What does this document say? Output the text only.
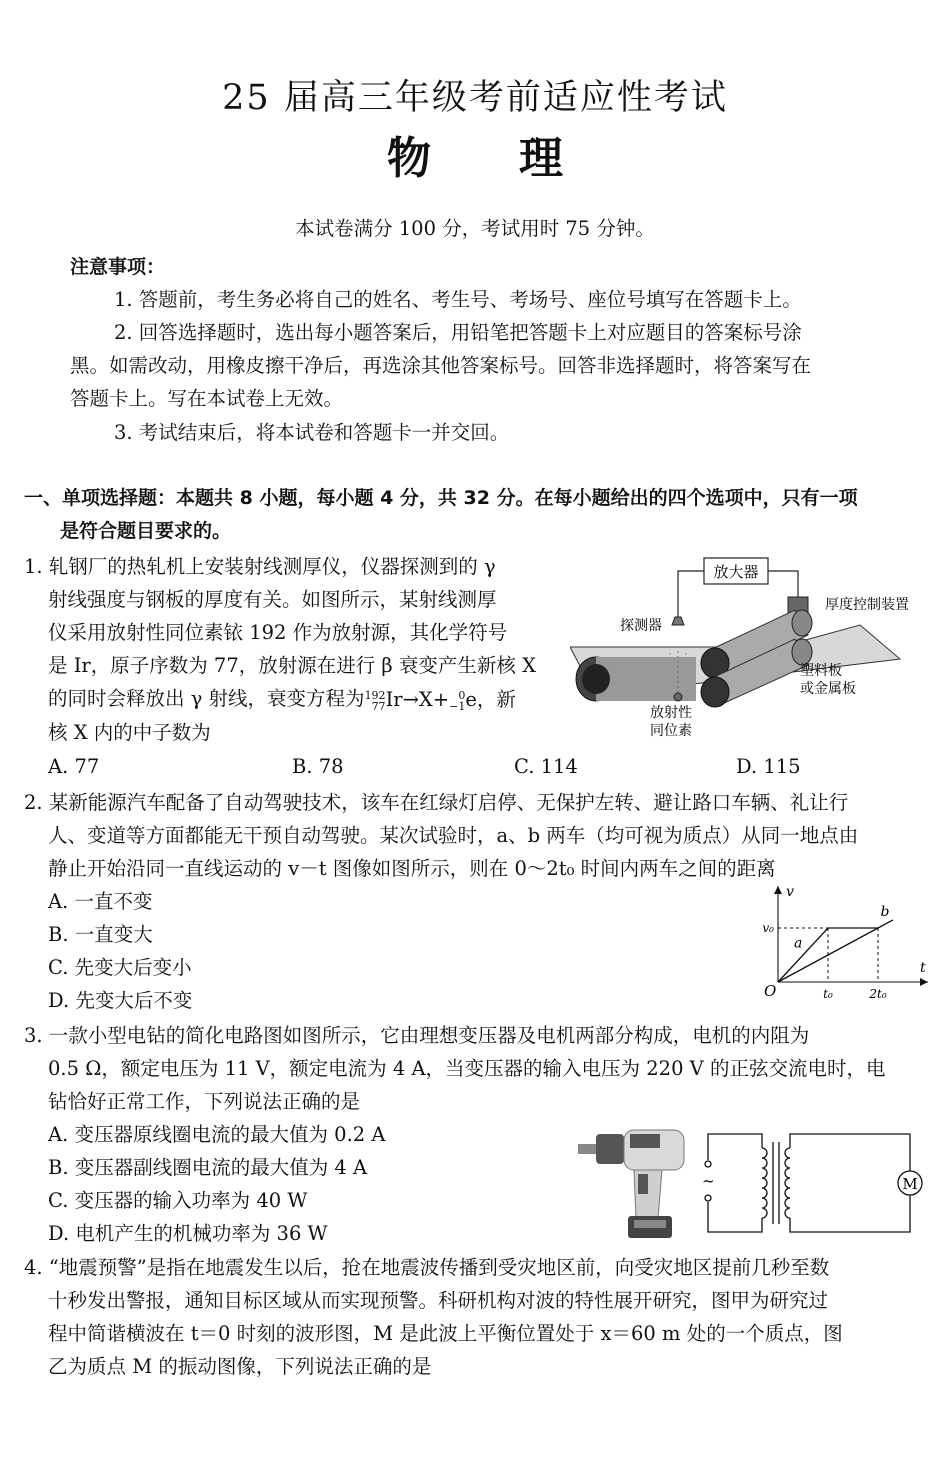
25 届高三年级考前适应性考试
物理
本试卷满分 100 分，考试用时 75 分钟。
注意事项：
1. 答题前，考生务必将自己的姓名、考生号、考场号、座位号填写在答题卡上。
2. 回答选择题时，选出每小题答案后，用铅笔把答题卡上对应题目的答案标号涂
黑。如需改动，用橡皮擦干净后，再选涂其他答案标号。回答非选择题时，将答案写在
答题卡上。写在本试卷上无效。
3. 考试结束后，将本试卷和答题卡一并交回。
一、单项选择题：本题共 8 小题，每小题 4 分，共 32 分。在每小题给出的四个选项中，只有一项
是符合题目要求的。
1. 轧钢厂的热轧机上安装射线测厚仪，仪器探测到的 γ
射线强度与钢板的厚度有关。如图所示，某射线测厚
仪采用放射性同位素铱 192 作为放射源，其化学符号
是 Ir，原子序数为 77，放射源在进行 β 衰变产生新核 X
的同时会释放出 γ 射线，衰变方程为 192
77 Ir→X+ 0
−1 e，新
核 X 内的中子数为
A. 77	B. 78	C. 114	D. 115
放大器
厚度控制装置
探测器
放射性
同位素
塑料板
或金属板
2. 某新能源汽车配备了自动驾驶技术，该车在红绿灯启停、无保护左转、避让路口车辆、礼让行
人、变道等方面都能无干预自动驾驶。某次试验时，a、b 两车（均可视为质点）从同一地点由
静止开始沿同一直线运动的 v－t 图像如图所示，则在 0～2t₀ 时间内两车之间的距离
A. 一直不变
B. 一直变大
C. 先变大后变小
D. 先变大后不变
t
v
O
a
b
t₀	2t₀
v₀
3. 一款小型电钻的简化电路图如图所示，它由理想变压器及电机两部分构成，电机的内阻为
0.5 Ω，额定电压为 11 V，额定电流为 4 A，当变压器的输入电压为 220 V 的正弦交流电时，电
钻恰好正常工作，下列说法正确的是
A. 变压器原线圈电流的最大值为 0.2 A
B. 变压器副线圈电流的最大值为 4 A
C. 变压器的输入功率为 40 W
D. 电机产生的机械功率为 36 W
~	M
4. “地震预警”是指在地震发生以后，抢在地震波传播到受灾地区前，向受灾地区提前几秒至数
十秒发出警报，通知目标区域从而实现预警。科研机构对波的特性展开研究，图甲为研究过
程中简谐横波在 t＝0 时刻的波形图，M 是此波上平衡位置处于 x＝60 m 处的一个质点，图
乙为质点 M 的振动图像，下列说法正确的是
